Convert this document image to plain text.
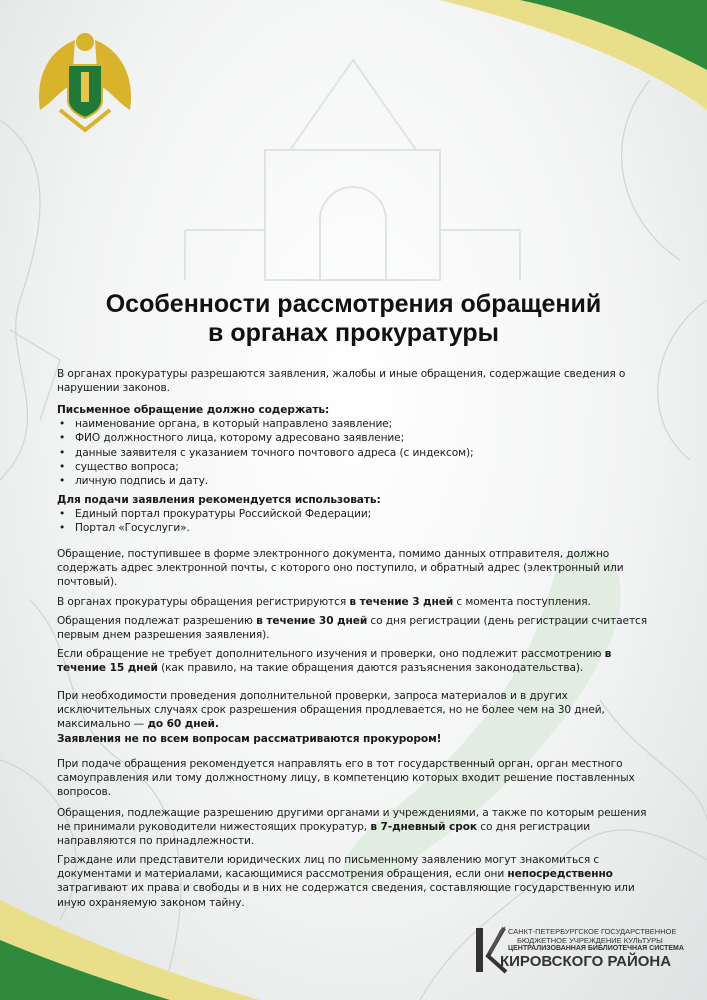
Особенности рассмотрения обращений
в органах прокуратуры
В органах прокуратуры разрешаются заявления, жалобы и иные обращения, содержащие сведения о нарушении законов.
Письменное обращение должно содержать:
• наименование органа, в который направлено заявление;
• ФИО должностного лица, которому адресовано заявление;
• данные заявителя с указанием точного почтового адреса (с индексом);
• существо вопроса;
• личную подпись и дату.
Для подачи заявления рекомендуется использовать:
• Единый портал прокуратуры Российской Федерации;
• Портал «Госуслуги».
Обращение, поступившее в форме электронного документа, помимо данных отправителя, должно содержать адрес электронной почты, с которого оно поступило, и обратный адрес (электронный или почтовый).
В органах прокуратуры обращения регистрируются в течение 3 дней с момента поступления.
Обращения подлежат разрешению в течение 30 дней со дня регистрации (день регистрации считается первым днем разрешения заявления).
Если обращение не требует дополнительного изучения и проверки, оно подлежит рассмотрению в течение 15 дней (как правило, на такие обращения даются разъяснения законодательства).
При необходимости проведения дополнительной проверки, запроса материалов и в других исключительных случаях срок разрешения обращения продлевается, но не более чем на 30 дней, максимально — до 60 дней.
Заявления не по всем вопросам рассматриваются прокурором!
При подаче обращения рекомендуется направлять его в тот государственный орган, орган местного самоуправления или тому должностному лицу, в компетенцию которых входит решение поставленных вопросов.
Обращения, подлежащие разрешению другими органами и учреждениями, а также по которым решения не принимали руководители нижестоящих прокуратур, в 7-дневный срок со дня регистрации направляются по принадлежности.
Граждане или представители юридических лиц по письменному заявлению могут знакомиться с документами и материалами, касающимися рассмотрения обращения, если они непосредственно затрагивают их права и свободы и в них не содержатся сведения, составляющие государственную или иную охраняемую законом тайну.
САНКТ-ПЕТЕРБУРГСКОЕ ГОСУДАРСТВЕННОЕ
БЮДЖЕТНОЕ УЧРЕЖДЕНИЕ КУЛЬТУРЫ
ЦЕНТРАЛИЗОВАННАЯ БИБЛИОТЕЧНАЯ СИСТЕМА
КИРОВСКОГО РАЙОНА
